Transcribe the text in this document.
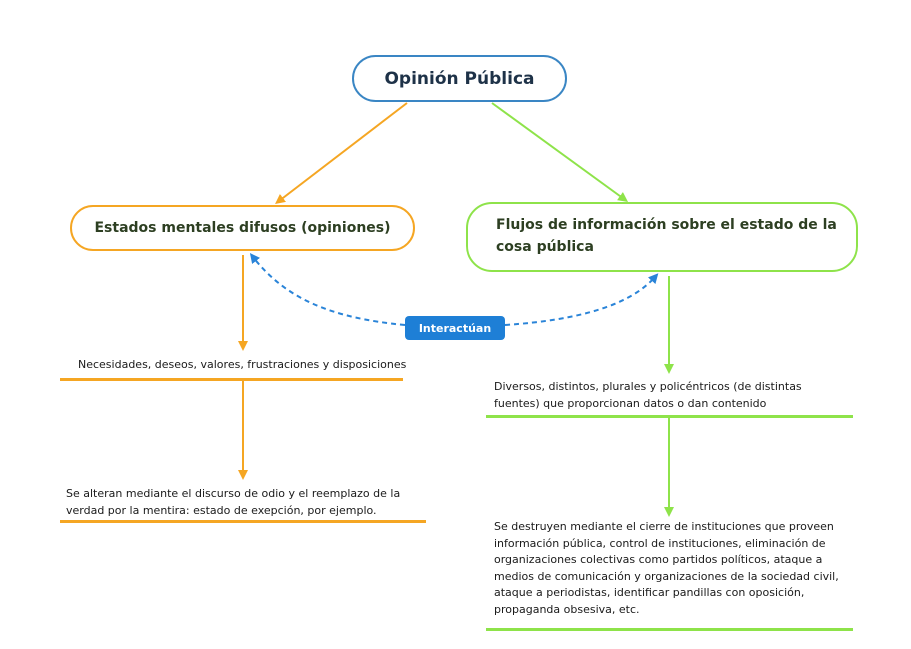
Opinión Pública
Estados mentales difusos (opiniones)	Flujos de información sobre el estado de la cosa pública
Necesidades, deseos, valores, frustraciones y disposiciones
Se alteran mediante el discurso de odio y el reemplazo de la verdad por la mentira: estado de exepción, por ejemplo.
Diversos, distintos, plurales y policéntricos (de distintas fuentes) que proporcionan datos o dan contenido
Se destruyen mediante el cierre de instituciones que proveen información pública, control de instituciones, eliminación de organizaciones colectivas como partidos políticos, ataque a medios de comunicación y organizaciones de la sociedad civil, ataque a periodistas, identificar pandillas con oposición, propaganda obsesiva, etc.
Interactúan
